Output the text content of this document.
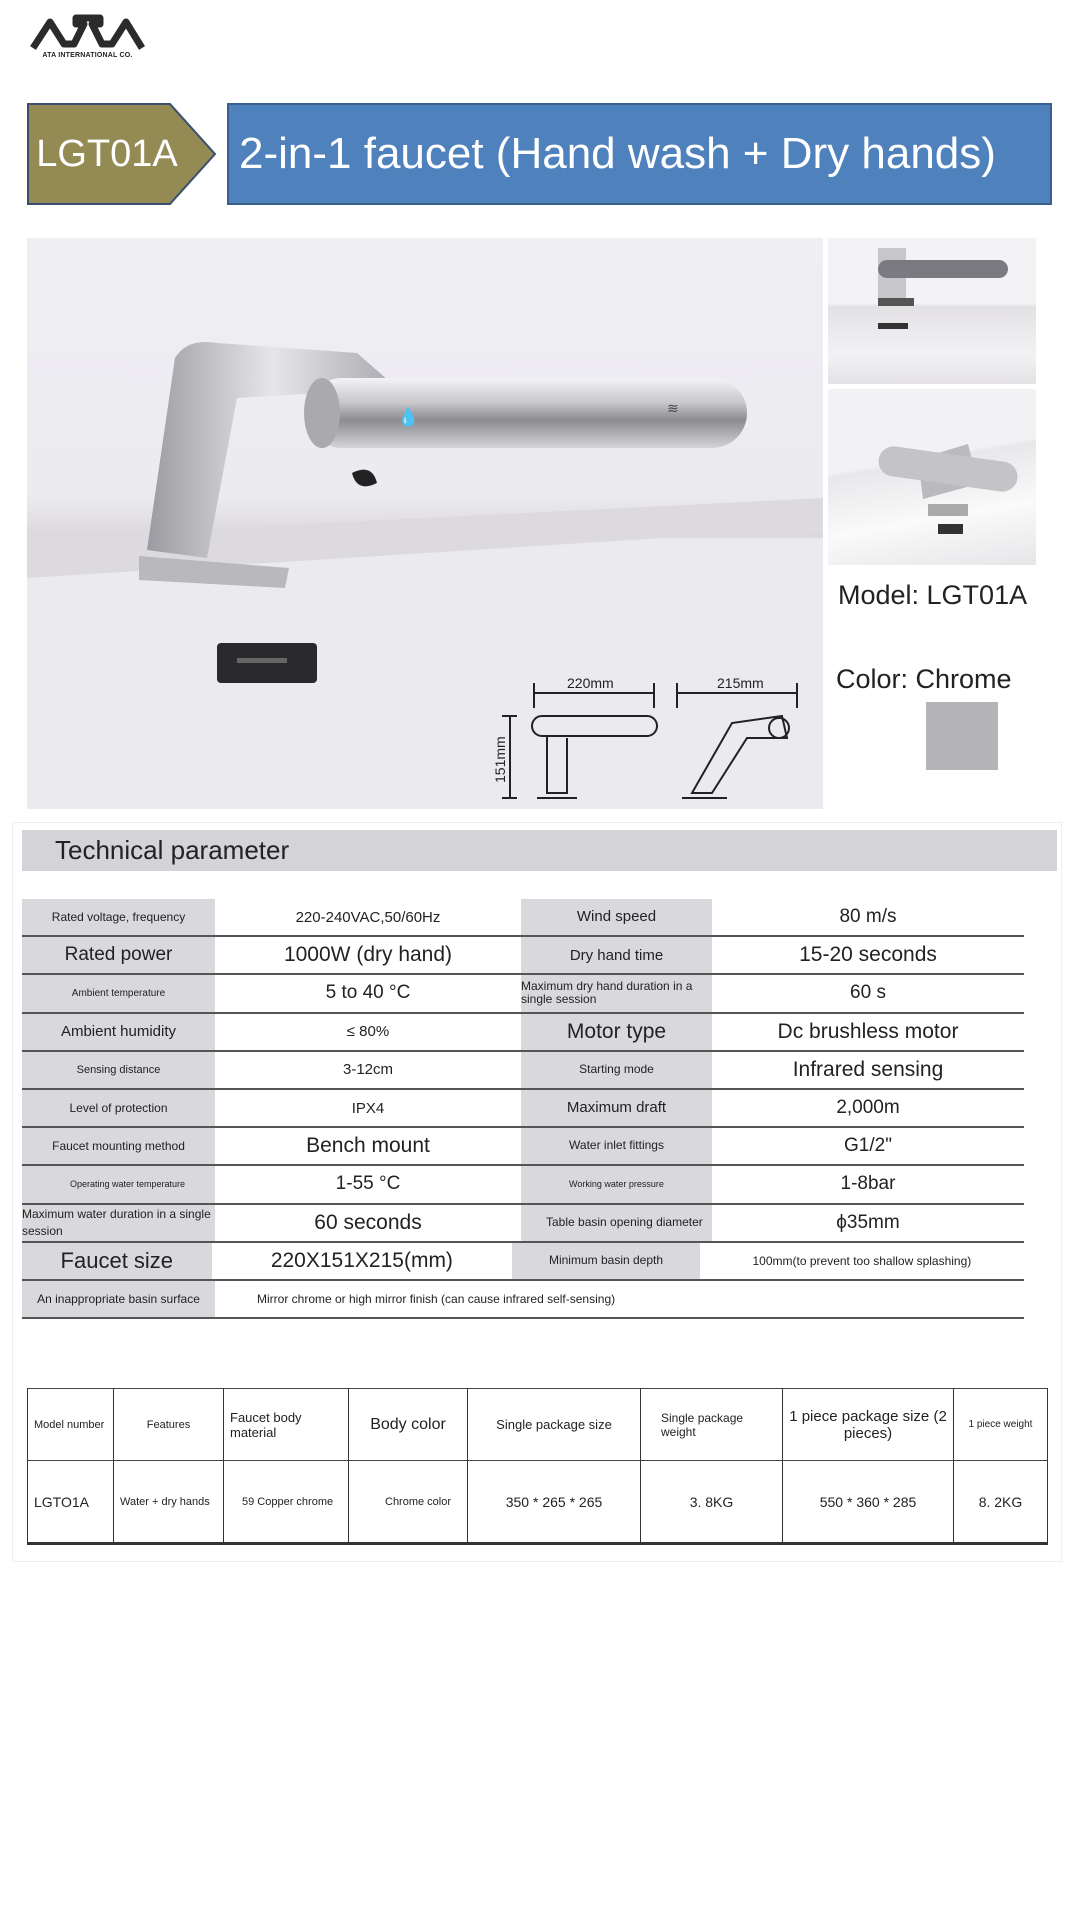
ATA INTERNATIONAL CO.
LGT01A 2-in-1 faucet (Hand wash + Dry hands)
💧	≋
220mm	215mm
151mm
Model: LGT01A
Color: Chrome
Technical parameter
Rated voltage, frequency	220-240VAC,50/60Hz	Wind speed	80 m/s
Rated power	1000W (dry hand)	Dry hand time	15-20 seconds
Ambient temperature	5 to 40 °C	Maximum dry hand duration in a single session	60 s
Ambient humidity	≤ 80%	Motor type	Dc brushless motor
Sensing distance	3-12cm	Starting mode	Infrared sensing
Level of protection	IPX4	Maximum draft	2,000m
Faucet mounting method	Bench mount	Water inlet fittings	G1/2"
Operating water temperature	1-55 °C	Working water pressure	1-8bar
Maximum water duration in a single session	60 seconds	Table basin opening diameter	ϕ35mm
Faucet size	220X151X215(mm)	Minimum basin depth	100mm(to prevent too shallow splashing)
An inappropriate basin surface	Mirror chrome or high mirror finish (can cause infrared self-sensing)
Model number	Features	Faucet body material	Body color	Single package size	Single package weight	1 piece package size (2 pieces)	1 piece weight
LGTO1A	Water + dry hands	59 Copper chrome	Chrome color	350 * 265 * 265	3. 8KG	550 * 360 * 285	8. 2KG
